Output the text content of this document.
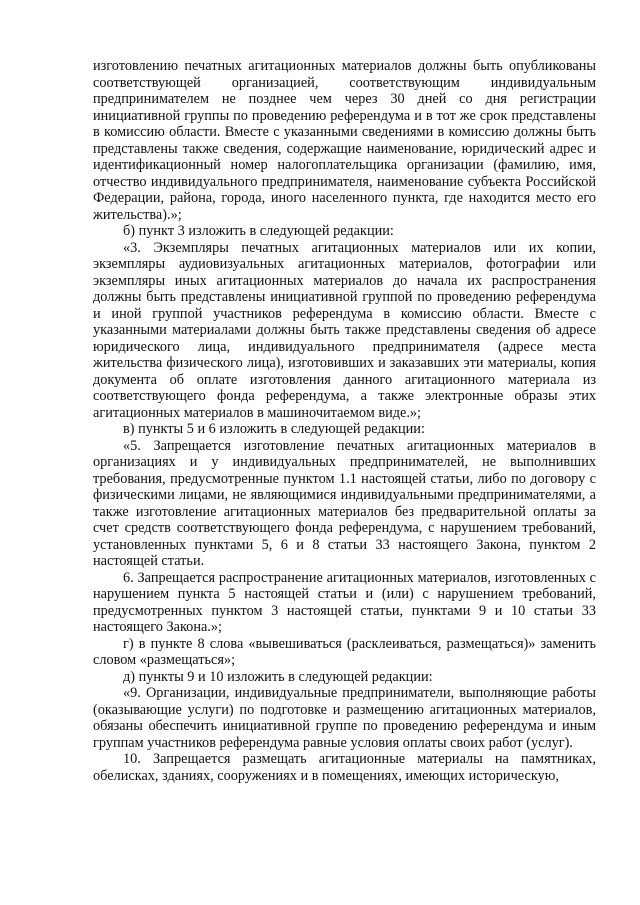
изготовлению печатных агитационных материалов должны быть опубликованы соответствующей организацией, соответствующим индивидуальным предпринимателем не позднее чем через 30 дней со дня регистрации инициативной группы по проведению референдума и в тот же срок представлены в комиссию области. Вместе с указанными сведениями в комиссию должны быть представлены также сведения, содержащие наименование, юридический адрес и идентификационный номер налогоплательщика организации (фамилию, имя, отчество индивидуального предпринимателя, наименование субъекта Российской Федерации, района, города, иного населенного пункта, где находится место его жительства).»;

б) пункт 3 изложить в следующей редакции:

«3. Экземпляры печатных агитационных материалов или их копии, экземпляры аудиовизуальных агитационных материалов, фотографии или экземпляры иных агитационных материалов до начала их распространения должны быть представлены инициативной группой по проведению референдума и иной группой участников референдума в комиссию области. Вместе с указанными материалами должны быть также представлены сведения об адресе юридического лица, индивидуального предпринимателя (адресе места жительства физического лица), изготовивших и заказавших эти материалы, копия документа об оплате изготовления данного агитационного материала из соответствующего фонда референдума, а также электронные образы этих агитационных материалов в машиночитаемом виде.»;

в) пункты 5 и 6 изложить в следующей редакции:

«5. Запрещается изготовление печатных агитационных материалов в организациях и у индивидуальных предпринимателей, не выполнивших требования, предусмотренные пунктом 1.1 настоящей статьи, либо по договору с физическими лицами, не являющимися индивидуальными предпринимателями, а также изготовление агитационных материалов без предварительной оплаты за счет средств соответствующего фонда референдума, с нарушением требований, установленных пунктами 5, 6 и 8 статьи 33 настоящего Закона, пунктом 2 настоящей статьи.

6. Запрещается распространение агитационных материалов, изготовленных с нарушением пункта 5 настоящей статьи и (или) с нарушением требований, предусмотренных пунктом 3 настоящей статьи, пунктами 9 и 10 статьи 33 настоящего Закона.»;

г) в пункте 8 слова «вывешиваться (расклеиваться, размещаться)» заменить словом «размещаться»;

д) пункты 9 и 10 изложить в следующей редакции:

«9. Организации, индивидуальные предприниматели, выполняющие работы (оказывающие услуги) по подготовке и размещению агитационных материалов, обязаны обеспечить инициативной группе по проведению референдума и иным группам участников референдума равные условия оплаты своих работ (услуг).

10. Запрещается размещать агитационные материалы на памятниках, обелисках, зданиях, сооружениях и в помещениях, имеющих историческую,
